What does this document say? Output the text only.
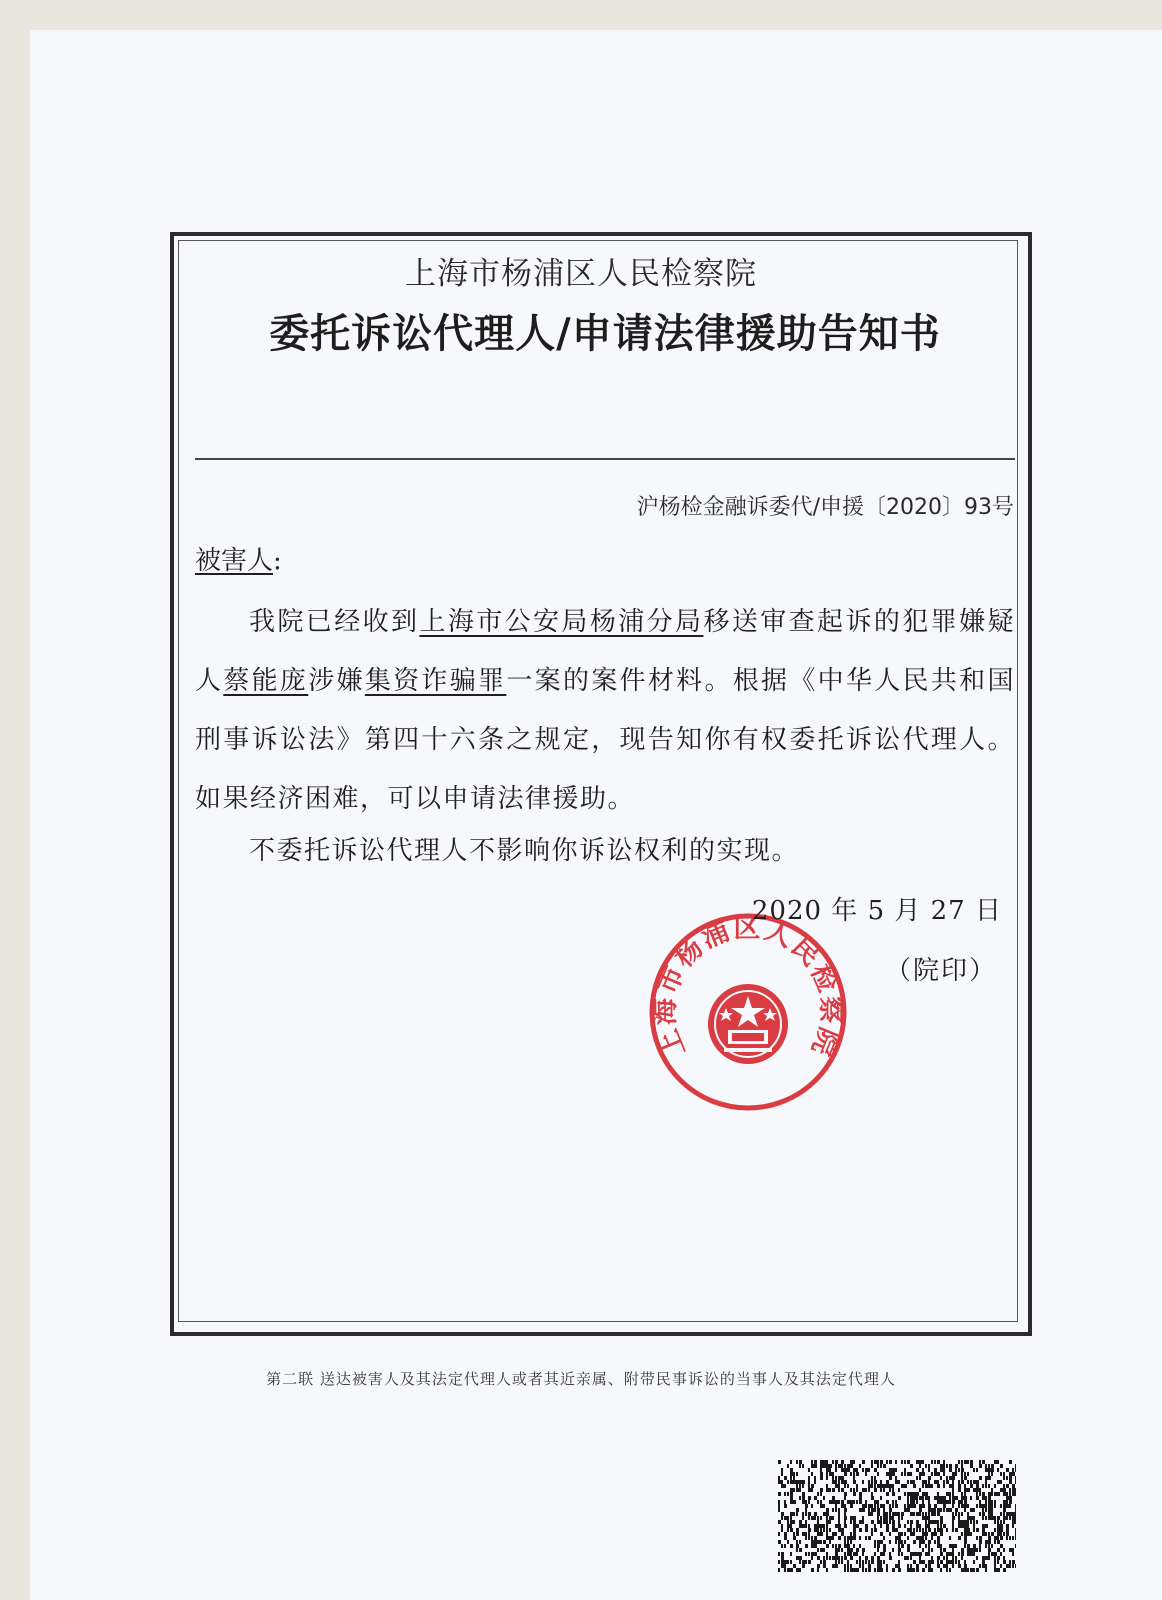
上海市杨浦区人民检察院
委托诉讼代理人/申请法律援助告知书
沪杨检金融诉委代/申援〔2020〕93号
被害人:
我院已经收到上海市公安局杨浦分局移送审查起诉的犯罪嫌疑人蔡能庞涉嫌集资诈骗罪一案的案件材料。根据《中华人民共和国刑事诉讼法》第四十六条之规定，现告知你有权委托诉讼代理人。如果经济困难，可以申请法律援助。
不委托诉讼代理人不影响你诉讼权利的实现。
上海市杨浦区人民检察院
2020 年 5 月 27 日
（院印）
第二联 送达被害人及其法定代理人或者其近亲属、附带民事诉讼的当事人及其法定代理人
